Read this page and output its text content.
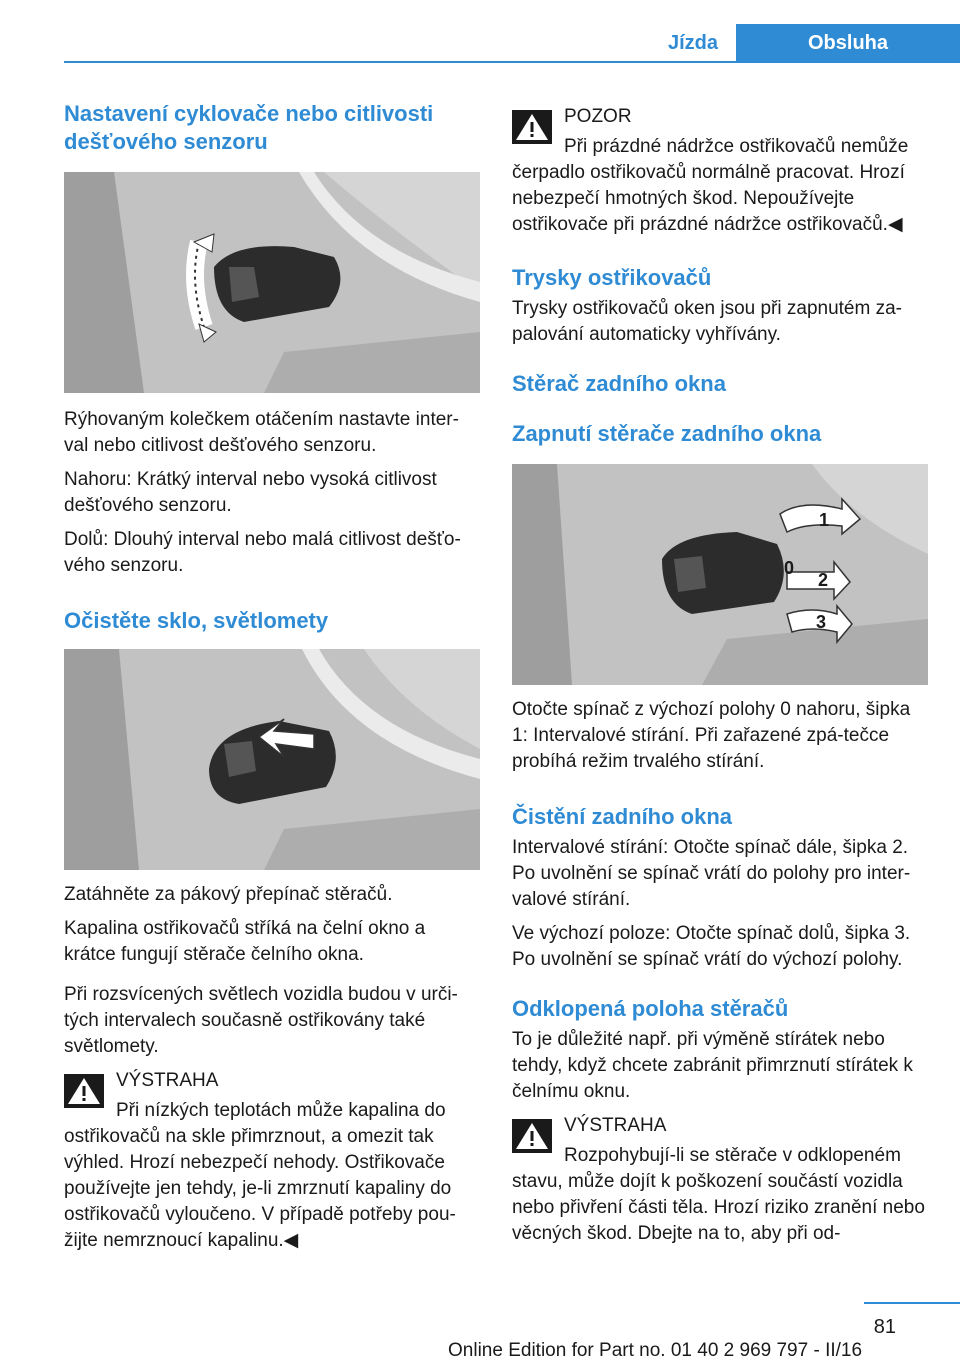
Jízda	Obsluha
Nastavení cyklovače nebo citlivosti dešťového senzoru

Rýhovaným kolečkem otáčením nastavte inter‐val nebo citlivost dešťového senzoru.

Nahoru: Krátký interval nebo vysoká citlivost dešťového senzoru.

Dolů: Dlouhý interval nebo malá citlivost dešťo‐vého senzoru.

Očistěte sklo, světlomety

Zatáhněte za pákový přepínač stěračů.

Kapalina ostřikovačů stříká na čelní okno a krátce fungují stěrače čelního okna.

Při rozsvícených světlech vozidla budou v urči‐tých intervalech současně ostřikovány také světlomety.

VÝSTRAHA
Při nízkých teplotách může kapalina do

ostřikovačů na skle přimrznout, a omezit tak výhled. Hrozí nebezpečí nehody. Ostřikovače používejte jen tehdy, je-li zmrznutí kapaliny do ostřikovačů vyloučeno. V případě potřeby pou‐žijte nemrznoucí kapalinu.◀

POZOR
Při prázdné nádržce ostřikovačů nemůže

čerpadlo ostřikovačů normálně pracovat. Hrozí nebezpečí hmotných škod. Nepoužívejte ostřikovače při prázdné nádržce ostřikovačů.◀

Trysky ostřikovačů

Trysky ostřikovačů oken jsou při zapnutém za‐palování automaticky vyhřívány.

Stěrač zadního okna
Zapnutí stěrače zadního okna
1
0
2
3

Otočte spínač z výchozí polohy 0 nahoru, šipka 1: Intervalové stírání. Při zařazené zpá‐tečce probíhá režim trvalého stírání.

Čistění zadního okna

Intervalové stírání: Otočte spínač dále, šipka 2. Po uvolnění se spínač vrátí do polohy pro inter‐valové stírání.

Ve výchozí poloze: Otočte spínač dolů, šipka 3. Po uvolnění se spínač vrátí do výchozí polohy.

Odklopená poloha stěračů

To je důležité např. při výměně stírátek nebo tehdy, když chcete zabránit přimrznutí stírátek k čelnímu oknu.

VÝSTRAHA
Rozpohybují-li se stěrače v odklopeném

stavu, může dojít k poškození součástí vozidla nebo přivření části těla. Hrozí riziko zranění nebo věcných škod. Dbejte na to, aby při od‐

81
Online Edition for Part no. 01 40 2 969 797 - II/16
